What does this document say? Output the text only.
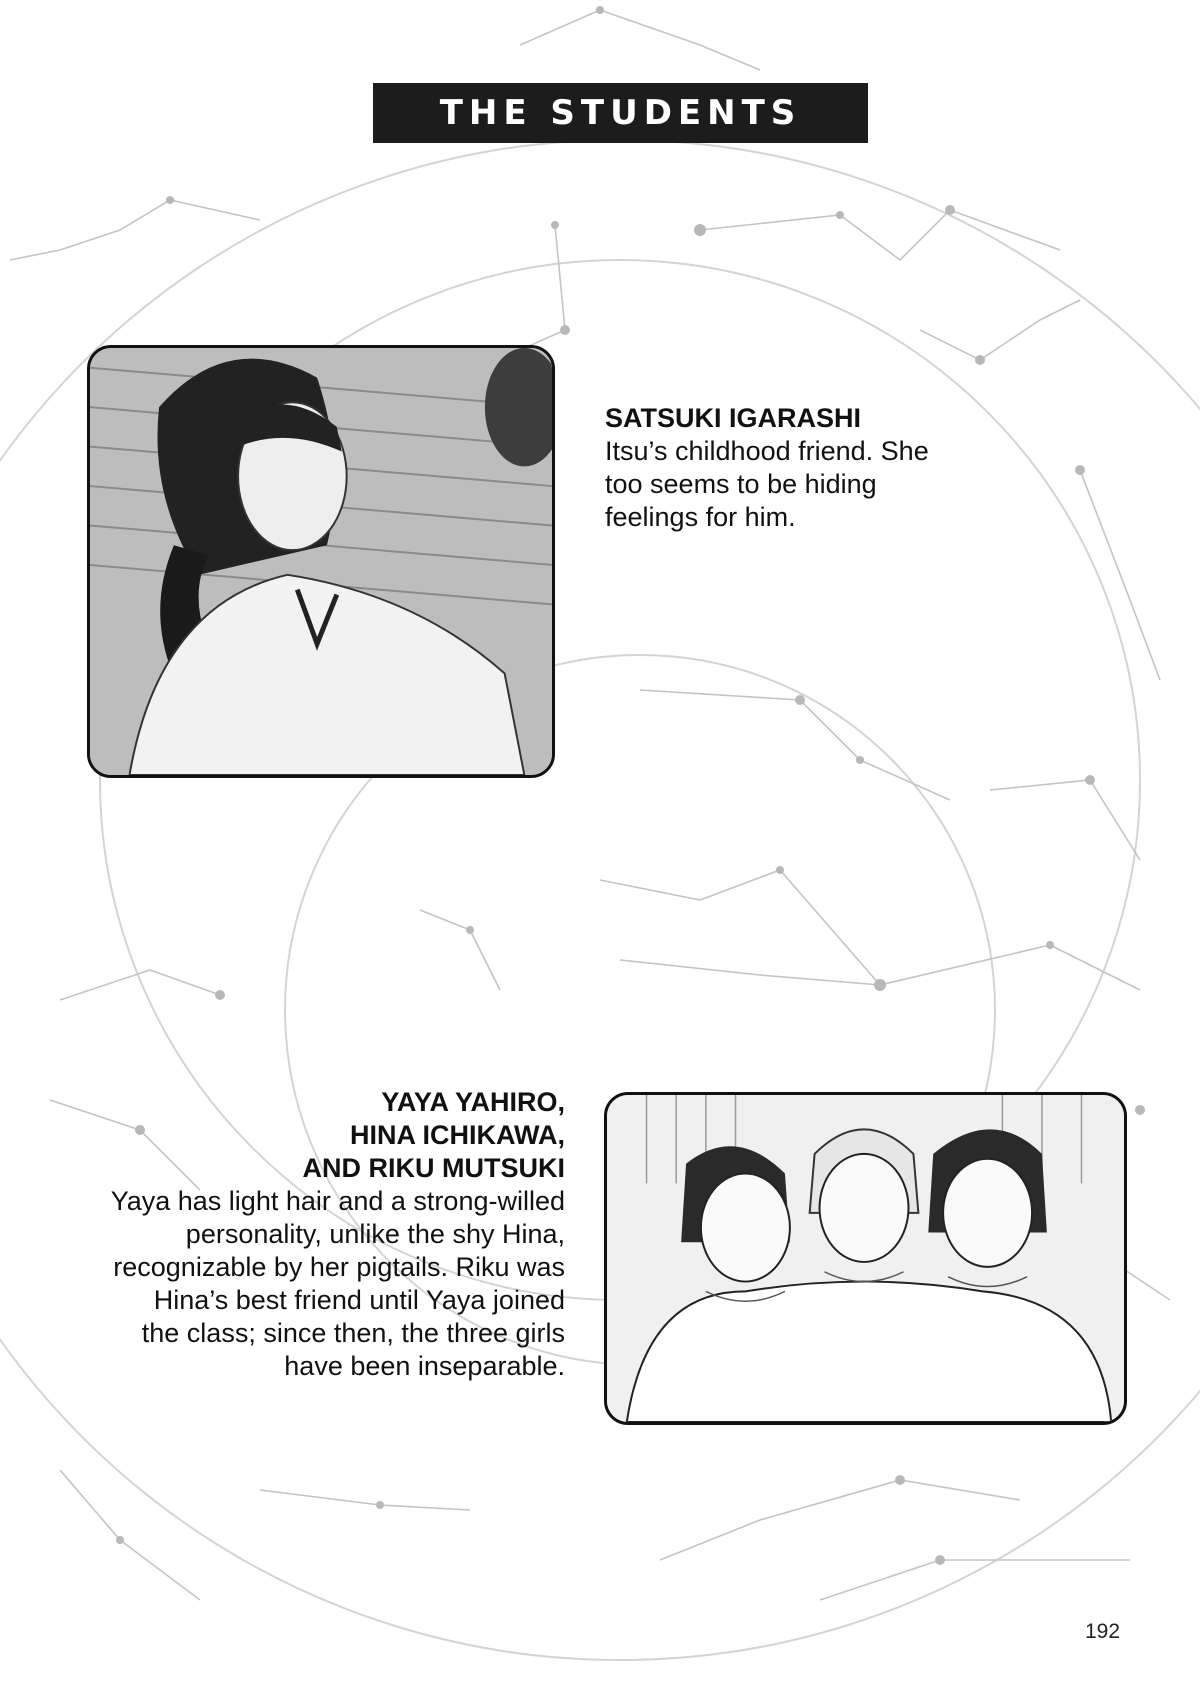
THE STUDENTS
SATSUKI IGARASHI
Itsu’s childhood friend. She too seems to be hiding feelings for him.
YAYA YAHIRO,
HINA ICHIKAWA,
AND RIKU MUTSUKI
Yaya has light hair and a strong-willed personality, unlike the shy Hina, recognizable by her pigtails. Riku was Hina’s best friend until Yaya joined the class; since then, the three girls have been inseparable.
192
